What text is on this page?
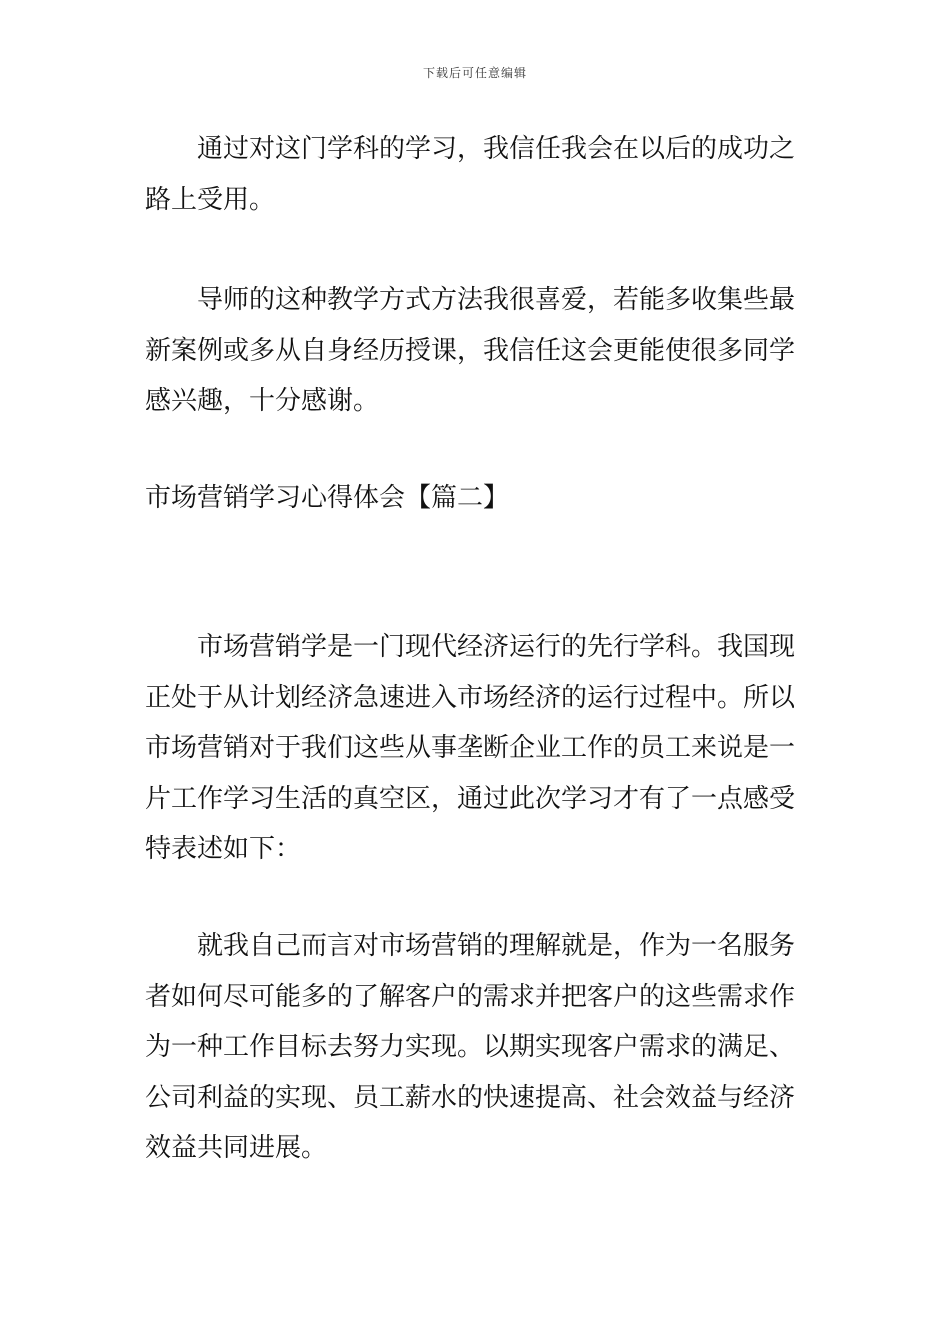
下载后可任意编辑
通过对这门学科的学习，我信任我会在以后的成功之
路上受用。
导师的这种教学方式方法我很喜爱，若能多收集些最
新案例或多从自身经历授课，我信任这会更能使很多同学
感兴趣，十分感谢。
市场营销学习心得体会【篇二】
市场营销学是一门现代经济运行的先行学科。我国现
正处于从计划经济急速进入市场经济的运行过程中。所以
市场营销对于我们这些从事垄断企业工作的员工来说是一
片工作学习生活的真空区，通过此次学习才有了一点感受
特表述如下：
就我自己而言对市场营销的理解就是，作为一名服务
者如何尽可能多的了解客户的需求并把客户的这些需求作
为一种工作目标去努力实现。以期实现客户需求的满足、
公司利益的实现、员工薪水的快速提高、社会效益与经济
效益共同进展。
